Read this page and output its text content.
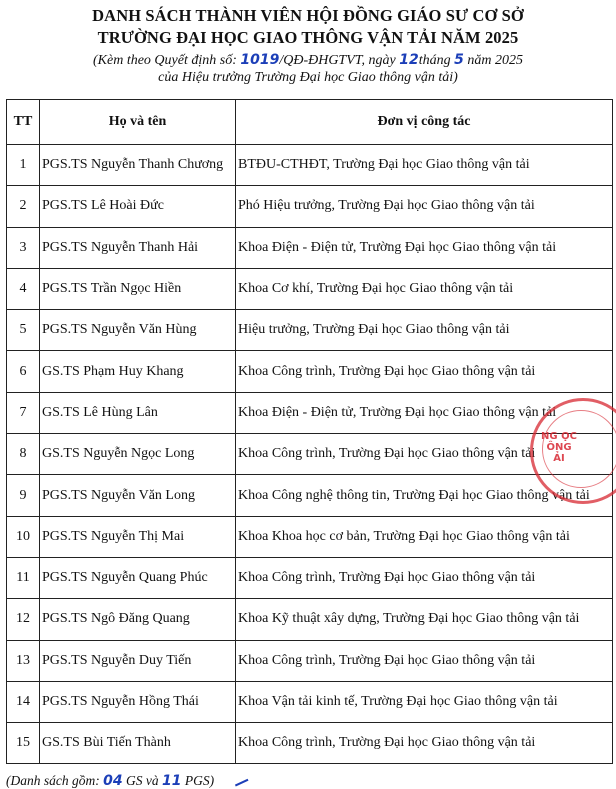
DANH SÁCH THÀNH VIÊN HỘI ĐỒNG GIÁO SƯ CƠ SỞ
TRƯỜNG ĐẠI HỌC GIAO THÔNG VẬN TẢI NĂM 2025
(Kèm theo Quyết định số: 1019/QĐ-ĐHGTVT, ngày 12tháng 5 năm 2025
của Hiệu trưởng Trường Đại học Giao thông vận tải)
TT	Họ và tên	Đơn vị công tác
1	PGS.TS Nguyễn Thanh Chương	BTĐU-CTHĐT, Trường Đại học Giao thông vận tải
2	PGS.TS Lê Hoài Đức	Phó Hiệu trưởng, Trường Đại học Giao thông vận tải
3	PGS.TS Nguyễn Thanh Hải	Khoa Điện - Điện tử, Trường Đại học Giao thông vận tải
4	PGS.TS Trần Ngọc Hiền	Khoa Cơ khí, Trường Đại học Giao thông vận tải
5	PGS.TS Nguyễn Văn Hùng	Hiệu trưởng, Trường Đại học Giao thông vận tải
6	GS.TS Phạm Huy Khang	Khoa Công trình, Trường Đại học Giao thông vận tải
7	GS.TS Lê Hùng Lân	Khoa Điện - Điện tử, Trường Đại học Giao thông vận tải
8	GS.TS Nguyễn Ngọc Long	Khoa Công trình, Trường Đại học Giao thông vận tải
9	PGS.TS Nguyễn Văn Long	Khoa Công nghệ thông tin, Trường Đại học Giao thông vận tải
10	PGS.TS Nguyễn Thị Mai	Khoa Khoa học cơ bản, Trường Đại học Giao thông vận tải
11	PGS.TS Nguyễn Quang Phúc	Khoa Công trình, Trường Đại học Giao thông vận tải
12	PGS.TS Ngô Đăng Quang	Khoa Kỹ thuật xây dựng, Trường Đại học Giao thông vận tải
13	PGS.TS Nguyễn Duy Tiến	Khoa Công trình, Trường Đại học Giao thông vận tải
14	PGS.TS Nguyễn Hồng Thái	Khoa Vận tải kinh tế, Trường Đại học Giao thông vận tải
15	GS.TS Bùi Tiến Thành	Khoa Công trình, Trường Đại học Giao thông vận tải
NG ỌC ÔNG ẢI
(Danh sách gồm: 04 GS và 11 PGS)
